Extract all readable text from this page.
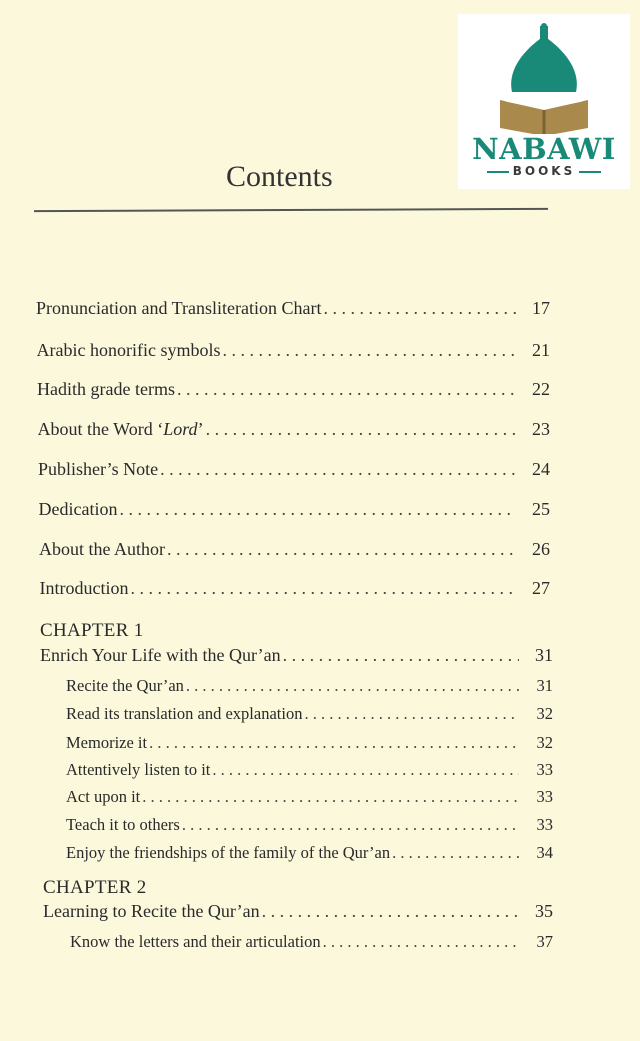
NABAWI
BOOKS
Contents
Pronunciation and Transliteration Chart . . .	17
Arabic honorific symbols . . .	21
Hadith grade terms . . .	22
About the Word ‘Lord’ . . .	23
Publisher’s Note . . .	24
Dedication . . .	25
About the Author . . .	26
Introduction . . .	27
CHAPTER 1
Enrich Your Life with the Qur’an . . .	31
Recite the Qur’an . . .	31
Read its translation and explanation . . .	32
Memorize it . . .	32
Attentively listen to it . . .	33
Act upon it . . .	33
Teach it to others . . .	33
Enjoy the friendships of the family of the Qur’an . . .	34
CHAPTER 2
Learning to Recite the Qur’an . . .	35
Know the letters and their articulation . . .	37
